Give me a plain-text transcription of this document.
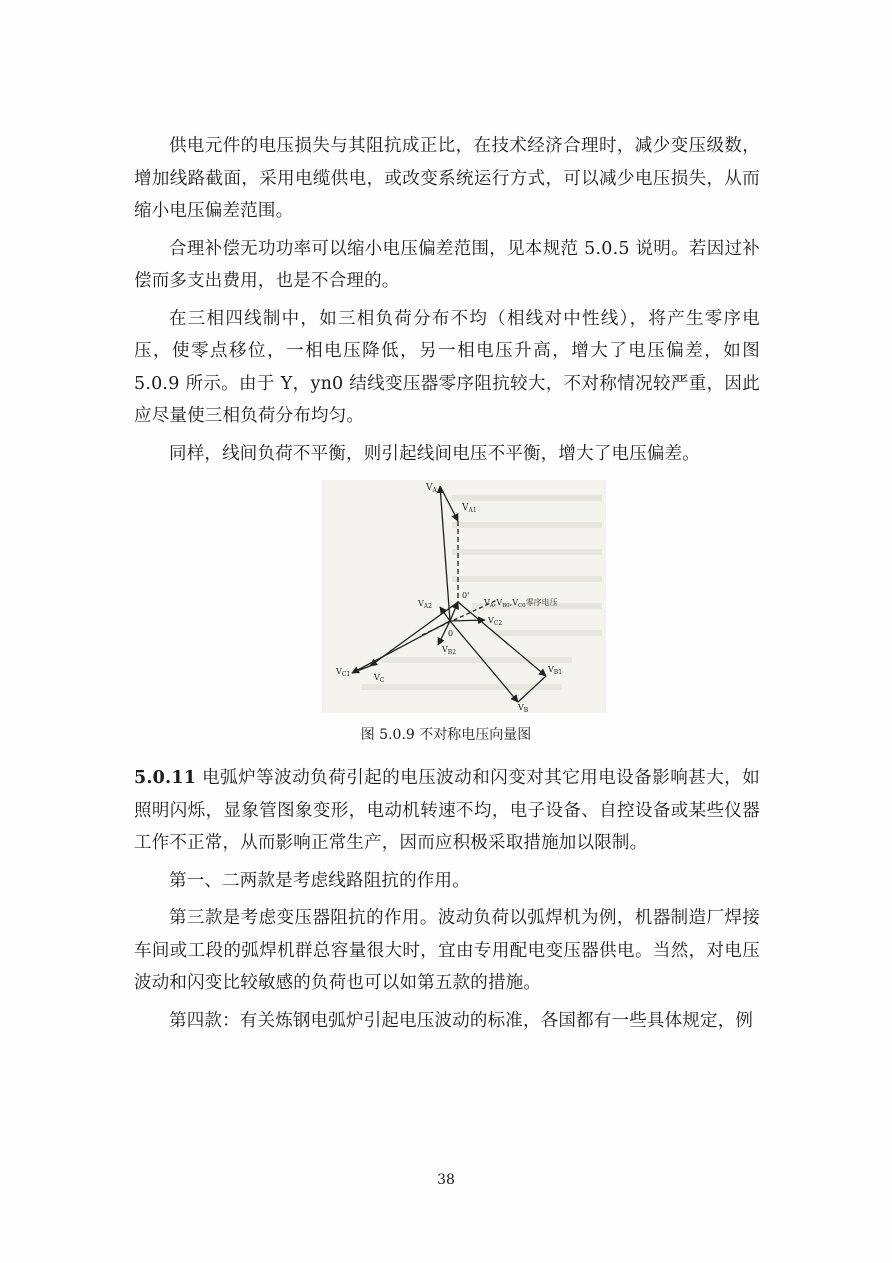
供电元件的电压损失与其阻抗成正比，在技术经济合理时，减少变压级数，增加线路截面，采用电缆供电，或改变系统运行方式，可以减少电压损失，从而缩小电压偏差范围。

合理补偿无功功率可以缩小电压偏差范围，见本规范 5.0.5 说明。若因过补偿而多支出费用，也是不合理的。

在三相四线制中，如三相负荷分布不均（相线对中性线），将产生零序电压，使零点移位，一相电压降低，另一相电压升高，增大了电压偏差，如图 5.0.9 所示。由于 Y，yn0 结线变压器零序阻抗较大，不对称情况较严重，因此应尽量使三相负荷分布均匀。

同样，线间负荷不平衡，则引起线间电压不平衡，增大了电压偏差。

$V_A$
$V_{A1}$
$V_{A2}$
0'
0
$V_A,V_{B0},V_{C0}$零序电压
$V_{C2}$
$V_{B2}$
$V_{C1}$	$V_C$
$V_{B1}$
$V_B$
图 5.0.9 不对称电压向量图

5.0.11 电弧炉等波动负荷引起的电压波动和闪变对其它用电设备影响甚大，如照明闪烁，显象管图象变形，电动机转速不均，电子设备、自控设备或某些仪器工作不正常，从而影响正常生产，因而应积极采取措施加以限制。

第一、二两款是考虑线路阻抗的作用。

第三款是考虑变压器阻抗的作用。波动负荷以弧焊机为例，机器制造厂焊接车间或工段的弧焊机群总容量很大时，宜由专用配电变压器供电。当然，对电压波动和闪变比较敏感的负荷也可以如第五款的措施。

第四款：有关炼钢电弧炉引起电压波动的标准，各国都有一些具体规定，例

38
